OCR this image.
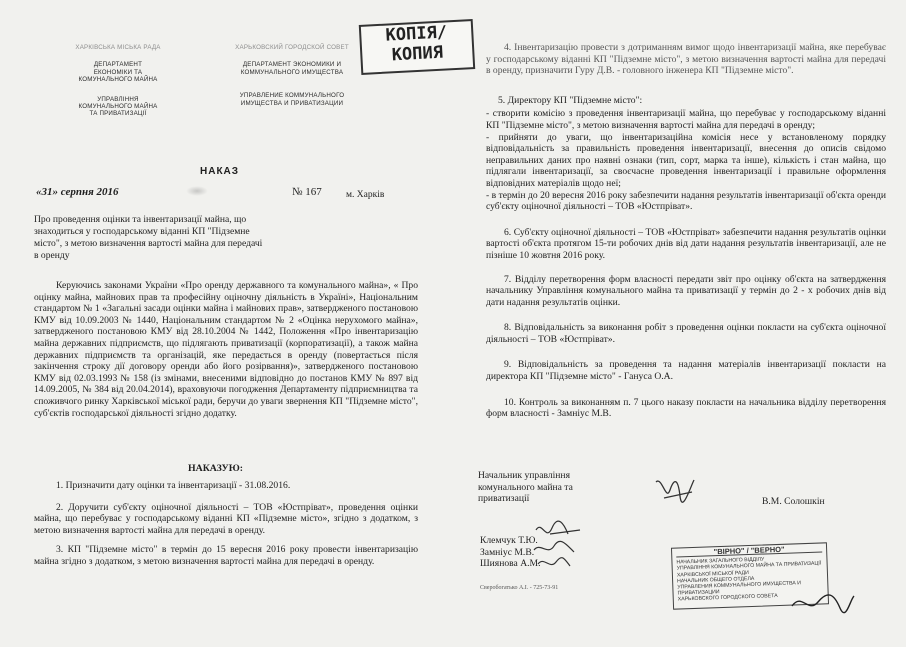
ХАРКІВСЬКА МІСЬКА РАДА
ДЕПАРТАМЕНТ
ЕКОНОМІКИ ТА
КОМУНАЛЬНОГО МАЙНА
УПРАВЛІННЯ
КОМУНАЛЬНОГО МАЙНА
ТА ПРИВАТИЗАЦІЇ
ХАРЬКОВСКИЙ ГОРОДСКОЙ СОВЕТ
ДЕПАРТАМЕНТ ЭКОНОМИКИ И
КОММУНАЛЬНОГО ИМУЩЕСТВА
УПРАВЛЕНИЕ КОММУНАЛЬНОГО
ИМУЩЕСТВА И ПРИВАТИЗАЦИИ
КОПІЯ/
КОПИЯ
НАКАЗ
«31» серпня 2016	№ 167	м. Харків
Про проведення оцінки та інвентаризації майна, що знаходиться у господарському віданні КП "Підземне місто", з метою визначення вартості майна для передачі в оренду

Керуючись законами України «Про оренду державного та комунального майна», « Про оцінку майна, майнових прав та професійну оціночну діяльність в Україні», Національним стандартом № 1 «Загальні засади оцінки майна і майнових прав», затвердженого постановою КМУ від 10.09.2003 № 1440, Національним стандартом № 2 «Оцінка нерухомого майна», затвердженого постановою КМУ від 28.10.2004 № 1442, Положення «Про інвентаризацію майна державних підприємств, що підлягають приватизації (корпоратизації), а також майна державних підприємств та організацій, яке передається в оренду (повертається після закінчення строку дії договору оренди або його розірвання)», затвердженого постановою КМУ від 02.03.1993 № 158 (із змінами, внесеними відповідно до постанов КМУ № 897 від 14.09.2005, № 384 від 20.04.2014), враховуючи погодження Департаменту підприємництва та споживчого ринку Харківської міської ради, беручи до уваги звернення КП "Підземне місто", суб'єктів господарської діяльності згідно додатку.

НАКАЗУЮ:

1. Призначити дату оцінки та інвентаризації - 31.08.2016.

2. Доручити суб'єкту оціночної діяльності – ТОВ «Юстпріват», проведення оцінки майна, що перебуває у господарському віданні КП «Підземне місто», згідно з додатком, з метою визначення вартості майна для передачі в оренду.

3. КП "Підземне місто" в термін до 15 вересня 2016 року провести інвентаризацію майна згідно з додатком, з метою визначення вартості майна для передачі в оренду.

4. Інвентаризацію провести з дотриманням вимог щодо інвентаризації майна, яке перебуває у господарському віданні КП "Підземне місто", з метою визначення вартості майна для передачі в оренду, призначити Гуру Д.В. - головного інженера КП "Підземне місто".

5. Директору КП "Підземне місто":

- створити комісію з проведення інвентаризації майна, що перебуває у господарському віданні КП "Підземне місто", з метою визначення вартості майна для передачі в оренду;
- прийняти до уваги, що інвентаризаційна комісія несе у встановленому порядку відповідальність за правильність проведення інвентаризації, внесення до описів свідомо неправильних даних про наявні ознаки (тип, сорт, марка та інше), кількість і стан майна, що підлягали інвентаризації, за своєчасне проведення інвентаризації і правильне оформлення відповідних матеріалів щодо неї;
- в термін до 20 вересня 2016 року забезпечити надання результатів інвентаризації об'єкта оренди суб'єкту оціночної діяльності – ТОВ «Юстпріват».

6. Суб'єкту оціночної діяльності – ТОВ «Юстпріват» забезпечити надання результатів оцінки вартості об'єкта протягом 15-ти робочих днів від дати надання результатів інвентаризації, але не пізніше 10 жовтня 2016 року.

7. Відділу перетворення форм власності передати звіт про оцінку об'єкта на затвердження начальнику Управління комунального майна та приватизації у термін до 2 - х робочих днів від дати надання результатів оцінки.

8. Відповідальність за виконання робіт з проведення оцінки покласти на суб'єкта оціночної діяльності – ТОВ «Юстпріват».

9. Відповідальність за проведення та надання матеріалів інвентаризації покласти на директора КП "Підземне місто" - Гануса О.А.

10. Контроль за виконанням п. 7 цього наказу покласти на начальника відділу перетворення форм власності - Замніус М.В.

Начальник управління
комунального майна та
приватизації	В.М. Солошкін
Клемчук Т.Ю.
Замніус М.В.
Шиянова А.М.
Сверобогатько А.І. - 725-73-91
"ВІРНО" / "ВЕРНО"
НАЧАЛЬНИК ЗАГАЛЬНОГО ВІДДІЛУ
УПРАВЛІННЯ КОМУНАЛЬНОГО МАЙНА ТА ПРИВАТИЗАЦІЇ
ХАРКІВСЬКОЇ МІСЬКОЇ РАДИ
НАЧАЛЬНИК ОБЩЕГО ОТДЕЛА
УПРАВЛЕНИЯ КОММУНАЛЬНОГО ИМУЩЕСТВА И ПРИВАТИЗАЦИИ
ХАРЬКОВСКОГО ГОРОДСКОГО СОВЕТА
